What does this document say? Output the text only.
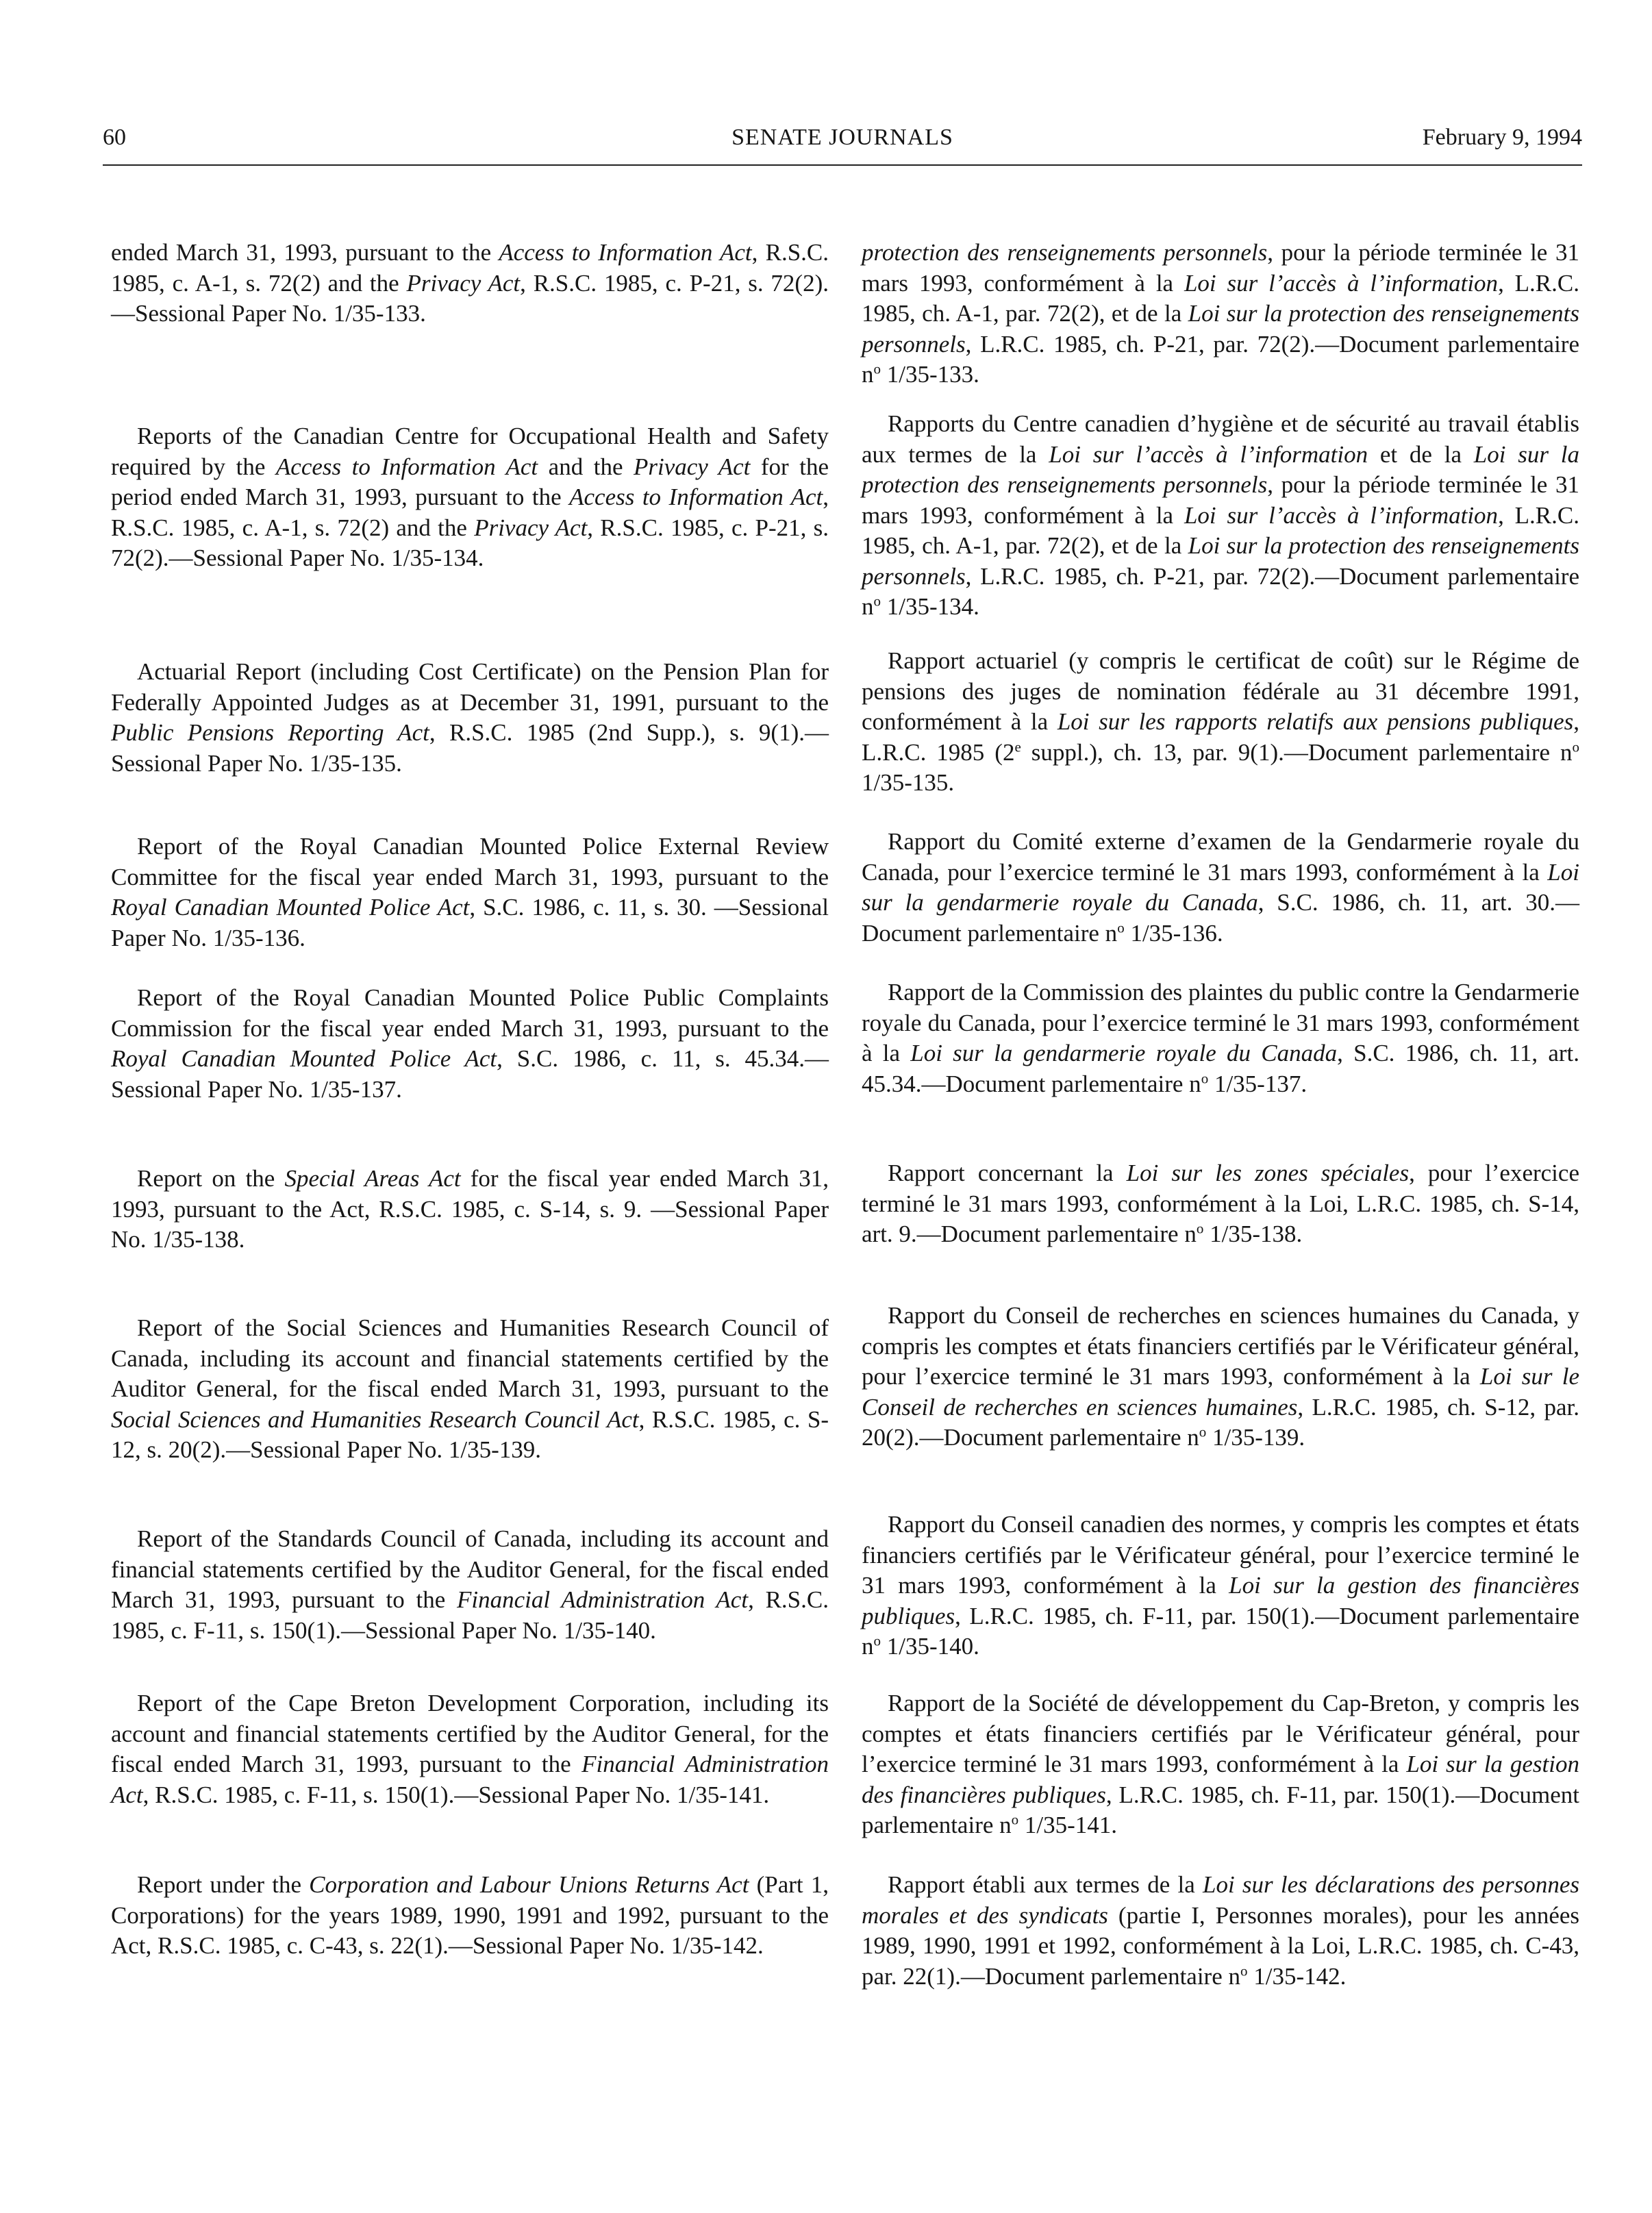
60	SENATE JOURNALS	February 9, 1994

ended March 31, 1993, pursuant to the Access to Information Act, R.S.C. 1985, c. A-1, s. 72(2) and the Privacy Act, R.S.C. 1985, c. P-21, s. 72(2).—Sessional Paper No. 1/35-133.

Reports of the Canadian Centre for Occupational Health and Safety required by the Access to Information Act and the Privacy Act for the period ended March 31, 1993, pursuant to the Access to Information Act, R.S.C. 1985, c. A-1, s. 72(2) and the Privacy Act, R.S.C. 1985, c. P-21, s. 72(2).—Sessional Paper No. 1/35-134.

Actuarial Report (including Cost Certificate) on the Pension Plan for Federally Appointed Judges as at December 31, 1991, pursuant to the Public Pensions Reporting Act, R.S.C. 1985 (2nd Supp.), s. 9(1).—Sessional Paper No. 1/35-135.

Report of the Royal Canadian Mounted Police External Review Committee for the fiscal year ended March 31, 1993, pursuant to the Royal Canadian Mounted Police Act, S.C. 1986, c. 11, s. 30. —Sessional Paper No. 1/35-136.

Report of the Royal Canadian Mounted Police Public Complaints Commission for the fiscal year ended March 31, 1993, pursuant to the Royal Canadian Mounted Police Act, S.C. 1986, c. 11, s. 45.34.—Sessional Paper No. 1/35-137.

Report on the Special Areas Act for the fiscal year ended March 31, 1993, pursuant to the Act, R.S.C. 1985, c. S-14, s. 9. —Sessional Paper No. 1/35-138.

Report of the Social Sciences and Humanities Research Council of Canada, including its account and financial statements certified by the Auditor General, for the fiscal ended March 31, 1993, pursuant to the Social Sciences and Humanities Research Council Act, R.S.C. 1985, c. S-12, s. 20(2).—Sessional Paper No. 1/35-139.

Report of the Standards Council of Canada, including its account and financial statements certified by the Auditor General, for the fiscal ended March 31, 1993, pursuant to the Financial Administration Act, R.S.C. 1985, c. F-11, s. 150(1).—Sessional Paper No. 1/35-140.

Report of the Cape Breton Development Corporation, including its account and financial statements certified by the Auditor General, for the fiscal ended March 31, 1993, pursuant to the Financial Administration Act, R.S.C. 1985, c. F-11, s. 150(1).—Sessional Paper No. 1/35-141.

Report under the Corporation and Labour Unions Returns Act (Part 1, Corporations) for the years 1989, 1990, 1991 and 1992, pursuant to the Act, R.S.C. 1985, c. C-43, s. 22(1).—Sessional Paper No. 1/35-142.

protection des renseignements personnels, pour la période terminée le 31 mars 1993, conformément à la Loi sur l’accès à l’information, L.R.C. 1985, ch. A-1, par. 72(2), et de la Loi sur la protection des renseignements personnels, L.R.C. 1985, ch. P-21, par. 72(2).—Document parlementaire $n^o$ 1/35-133.

Rapports du Centre canadien d’hygiène et de sécurité au travail établis aux termes de la Loi sur l’accès à l’information et de la Loi sur la protection des renseignements personnels, pour la période terminée le 31 mars 1993, conformément à la Loi sur l’accès à l’information, L.R.C. 1985, ch. A-1, par. 72(2), et de la Loi sur la protection des renseignements personnels, L.R.C. 1985, ch. P-21, par. 72(2).—Document parlementaire $n^o$ 1/35-134.

Rapport actuariel (y compris le certificat de coût) sur le Régime de pensions des juges de nomination fédérale au 31 décembre 1991, conformément à la Loi sur les rapports relatifs aux pensions publiques, L.R.C. 1985 (2e suppl.), ch. 13, par. 9(1).—Document parlementaire $n^o$ 1/35-135.

Rapport du Comité externe d’examen de la Gendarmerie royale du Canada, pour l’exercice terminé le 31 mars 1993, conformément à la Loi sur la gendarmerie royale du Canada, S.C. 1986, ch. 11, art. 30.—Document parlementaire $n^o$ 1/35-136.

Rapport de la Commission des plaintes du public contre la Gendarmerie royale du Canada, pour l’exercice terminé le 31 mars 1993, conformément à la Loi sur la gendarmerie royale du Canada, S.C. 1986, ch. 11, art. 45.34.—Document parlementaire $n^o$ 1/35-137.

Rapport concernant la Loi sur les zones spéciales, pour l’exercice terminé le 31 mars 1993, conformément à la Loi, L.R.C. 1985, ch. S-14, art. 9.—Document parlementaire $n^o$ 1/35-138.

Rapport du Conseil de recherches en sciences humaines du Canada, y compris les comptes et états financiers certifiés par le Vérificateur général, pour l’exercice terminé le 31 mars 1993, conformément à la Loi sur le Conseil de recherches en sciences humaines, L.R.C. 1985, ch. S-12, par. 20(2).—Document parlementaire $n^o$ 1/35-139.

Rapport du Conseil canadien des normes, y compris les comptes et états financiers certifiés par le Vérificateur général, pour l’exercice terminé le 31 mars 1993, conformément à la Loi sur la gestion des financières publiques, L.R.C. 1985, ch. F-11, par. 150(1).—Document parlementaire $n^o$ 1/35-140.

Rapport de la Société de développement du Cap-Breton, y compris les comptes et états financiers certifiés par le Vérificateur général, pour l’exercice terminé le 31 mars 1993, conformément à la Loi sur la gestion des financières publiques, L.R.C. 1985, ch. F-11, par. 150(1).—Document parlementaire $n^o$ 1/35-141.

Rapport établi aux termes de la Loi sur les déclarations des personnes morales et des syndicats (partie I, Personnes morales), pour les années 1989, 1990, 1991 et 1992, conformément à la Loi, L.R.C. 1985, ch. C-43, par. 22(1).—Document parlementaire $n^o$ 1/35-142.
